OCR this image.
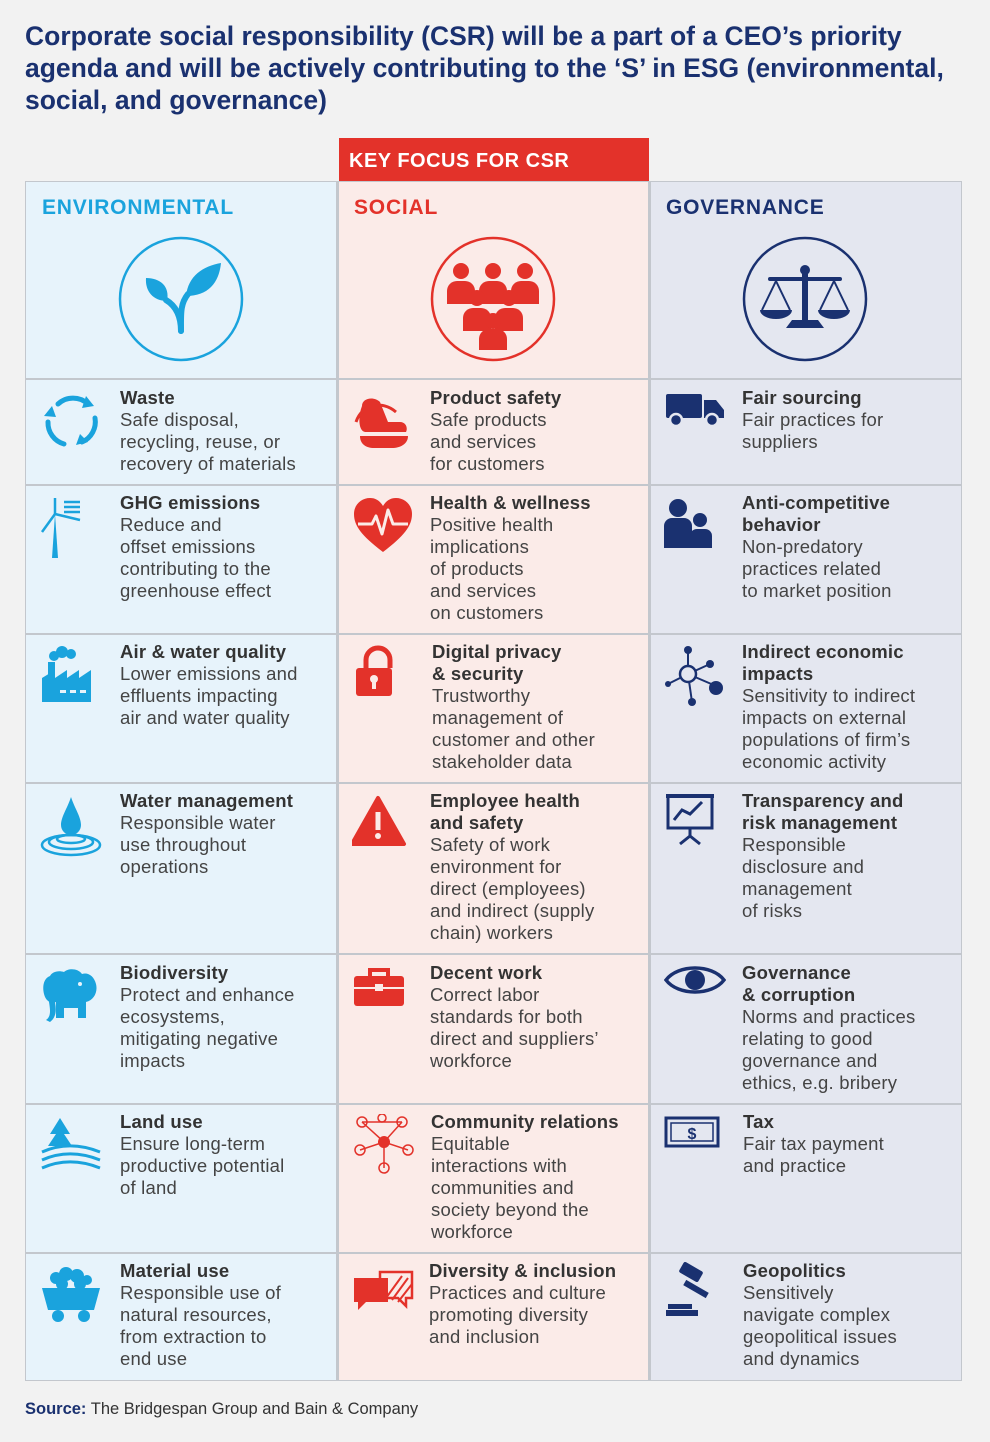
Corporate social responsibility (CSR) will be a part of a CEO’s priority agenda and will be actively contributing to the ‘S’ in ESG (environmental, social, and governance)
KEY FOCUS FOR CSR
ENVIRONMENTAL	SOCIAL	GOVERNANCE
Waste
Safe disposal,
recycling, reuse, or
recovery of materials
GHG emissions
Reduce and
offset emissions
contributing to the
greenhouse effect
Air & water quality
Lower emissions and
effluents impacting
air and water quality
Water management
Responsible water
use throughout
operations
Biodiversity
Protect and enhance
ecosystems,
mitigating negative
impacts
Land use
Ensure long-term
productive potential
of land
Material use
Responsible use of
natural resources,
from extraction to
end use
Product safety
Safe products
and services
for customers
Health & wellness
Positive health
implications
of products
and services
on customers
Digital privacy
& security
Trustworthy
management of
customer and other
stakeholder data
Employee health
and safety
Safety of work
environment for
direct (employees)
and indirect (supply
chain) workers
Decent work
Correct labor
standards for both
direct and suppliers’
workforce
Community relations
Equitable
interactions with
communities and
society beyond the
workforce
Diversity & inclusion
Practices and culture
promoting diversity
and inclusion
Fair sourcing
Fair practices for
suppliers
Anti-competitive
behavior
Non-predatory
practices related
to market position
Indirect economic
impacts
Sensitivity to indirect
impacts on external
populations of firm’s
economic activity
Transparency and
risk management
Responsible
disclosure and
management
of risks
Governance
& corruption
Norms and practices
relating to good
governance and
ethics, e.g. bribery
$
Tax
Fair tax payment
and practice
Geopolitics
Sensitively
navigate complex
geopolitical issues
and dynamics
Source: The Bridgespan Group and Bain & Company
